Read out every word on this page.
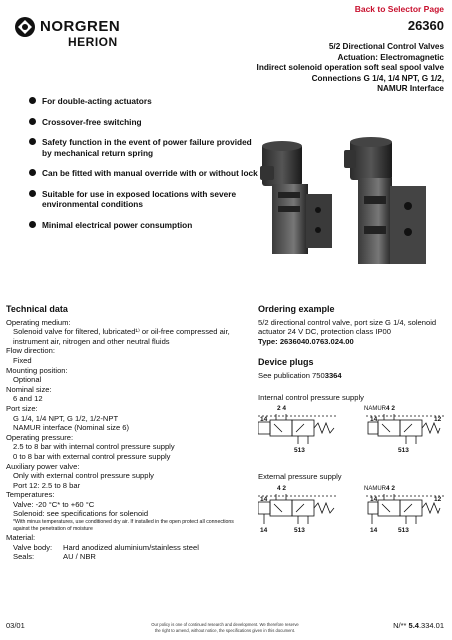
Back to Selector Page
NORGREN
HERION
26360
5/2 Directional Control Valves
Actuation: Electromagnetic
Indirect solenoid operation soft seal spool valve
Connections G 1/4, 1/4 NPT, G 1/2,
NAMUR Interface
For double-acting actuators
Crossover-free switching
Safety function in the event of power failure provided by mechanical return spring
Can be fitted with manual override with or without lock
Suitable for use in exposed locations with severe environmental conditions
Minimal electrical power consumption
Technical data
Operating medium:
Solenoid valve for filtered, lubricated¹⁾ or oil-free compressed air, instrument air, nitrogen and other neutral fluids
Flow direction:
Fixed
Mounting position:
Optional
Nominal size:
6 and 12
Port size:
G 1/4, 1/4 NPT, G 1/2, 1/2-NPT
NAMUR interface (Nominal size 6)
Operating pressure:
2.5 to 8 bar with internal control pressure supply
0 to 8 bar with external control pressure supply
Auxiliary power valve:
Only with external control pressure supply
Port 12: 2.5 to 8 bar
Temperatures:
Valve: -20 °C* to +60 °C
Solenoid: see specifications for solenoid
*With minus temperatures, use conditioned dry air. If installed in the open protect all connections against the penetration of moisture
Material:
Valve body:	Hard anodized aluminium/stainless steel
Seals:	AU / NBR
Ordering example
5/2 directional control valve, port size G 1/4, solenoid actuator 24 V DC, protection class IP00
Type: 2636040.0763.024.00
Device plugs
See publication 7503364
Internal control pressure supply
14
2 4
513
NAMUR
14
4 2
12
513
External pressure supply
14
4 2
14	513
NAMUR
14
4 2
12
14	513
03/01	Our policy is one of continued research and development. We therefore reserve the right to amend, without notice, the specifications given in this document.	N/** 5.4.334.01
